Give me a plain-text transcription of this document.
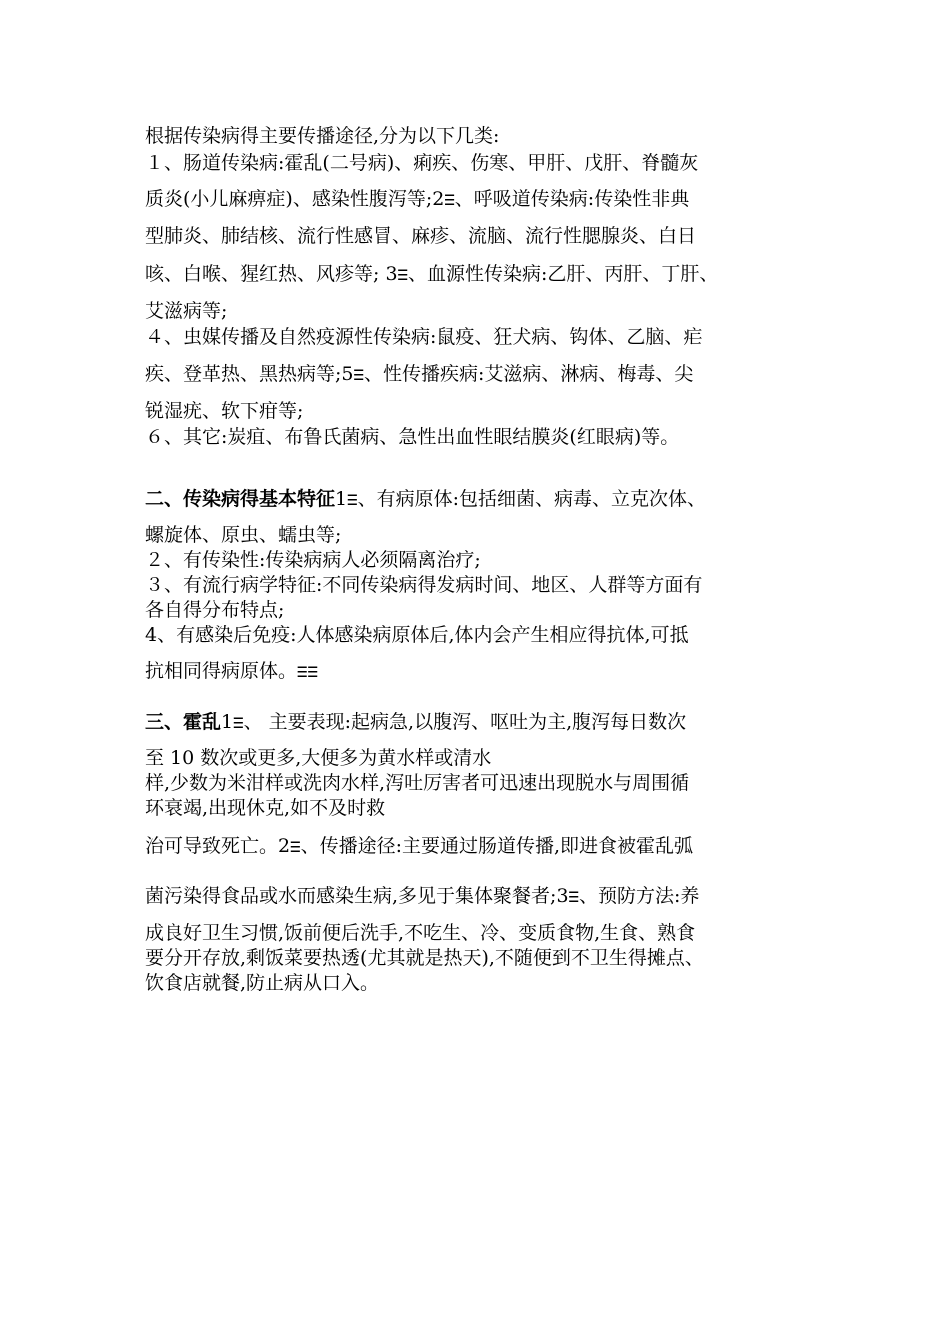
根据传染病得主要传播途径,分为以下几类:
１、肠道传染病:霍乱(二号病)、痢疾、伤寒、甲肝、戊肝、脊髓灰
质炎(小儿麻痹症)、感染性腹泻等;2ⲷ、呼吸道传染病:传染性非典
型肺炎、肺结核、流行性感冒、麻疹、流脑、流行性腮腺炎、白日
咳、白喉、猩红热、风疹等; 3ⲷ、血源性传染病:乙肝、丙肝、丁肝、
艾滋病等;
４、虫媒传播及自然疫源性传染病:鼠疫、狂犬病、钩体、乙脑、疟
疾、登革热、黑热病等;5ⲷ、性传播疾病:艾滋病、淋病、梅毒、尖
锐湿疣、软下疳等;
６、其它:炭疽、布鲁氏菌病、急性出血性眼结膜炎(红眼病)等。
二、传染病得基本特征1ⲷ、有病原体:包括细菌、病毒、立克次体、
螺旋体、原虫、蠕虫等;
２、有传染性:传染病病人必须隔离治疗;
３、有流行病学特征:不同传染病得发病时间、地区、人群等方面有
各自得分布特点;
4、有感染后免疫:人体感染病原体后,体内会产生相应得抗体,可抵
抗相同得病原体。ⲷⲷ
三、霍乱1ⲷ、 主要表现:起病急,以腹泻、呕吐为主,腹泻每日数次
至 10 数次或更多,大便多为黄水样或清水
样,少数为米泔样或洗肉水样,泻吐厉害者可迅速出现脱水与周围循
环衰竭,出现休克,如不及时救
治可导致死亡。2ⲷ、传播途径:主要通过肠道传播,即进食被霍乱弧
菌污染得食品或水而感染生病,多见于集体聚餐者;3ⲷ、预防方法:养
成良好卫生习惯,饭前便后洗手,不吃生、冷、变质食物,生食、熟食
要分开存放,剩饭菜要热透(尤其就是热天),不随便到不卫生得摊点、
饮食店就餐,防止病从口入。
